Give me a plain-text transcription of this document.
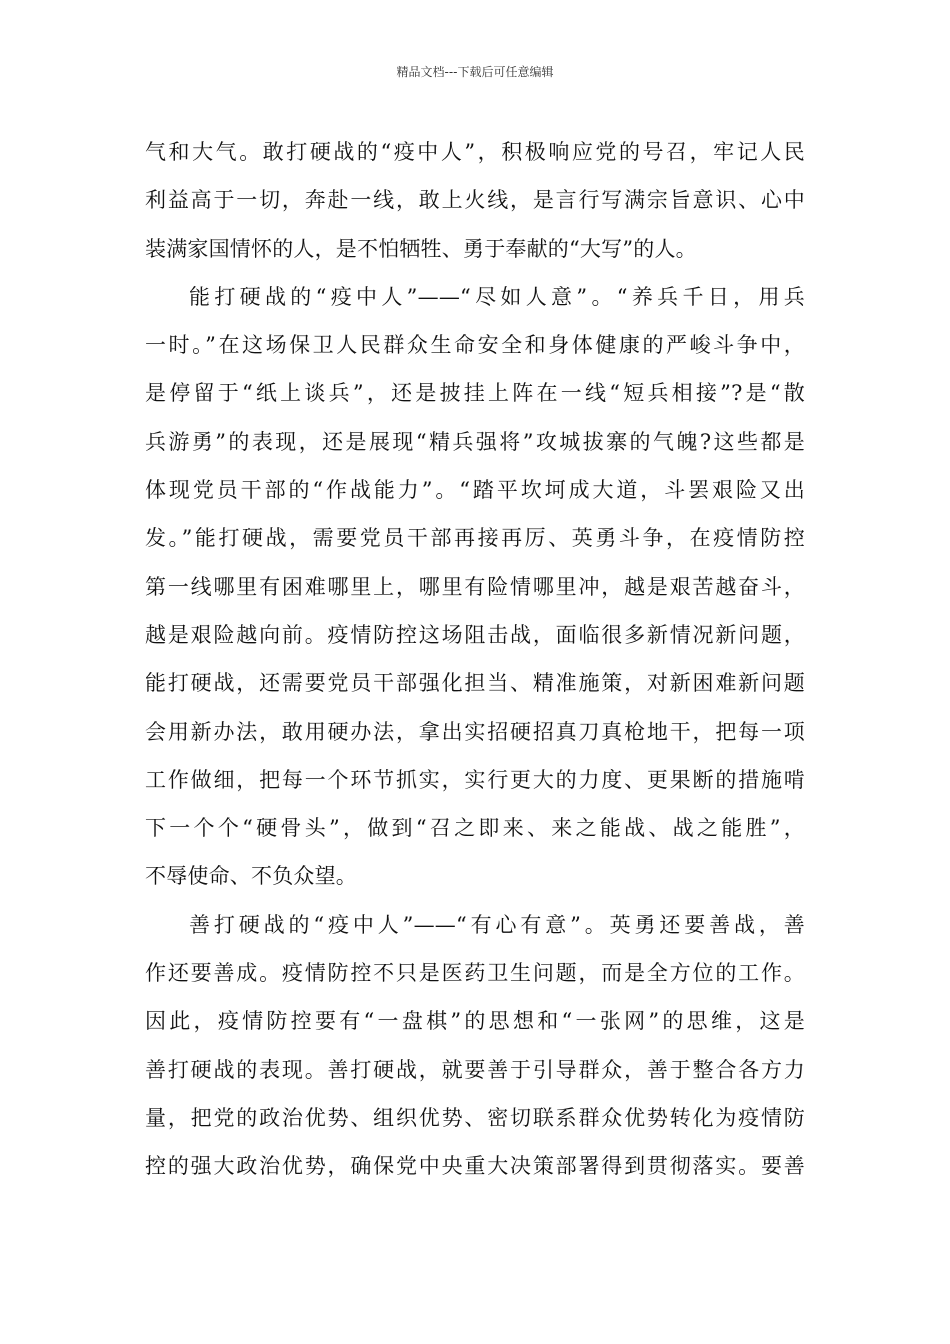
精品文档---下载后可任意编辑
气和大气。敢打硬战的“疫中人”，积极响应党的号召，牢记人民
利益高于一切，奔赴一线，敢上火线，是言行写满宗旨意识、心中
装满家国情怀的人，是不怕牺牲、勇于奉献的“大写”的人。
能打硬战的“疫中人”——“尽如人意”。“养兵千日，用兵
一时。”在这场保卫人民群众生命安全和身体健康的严峻斗争中，
是停留于“纸上谈兵”，还是披挂上阵在一线“短兵相接”?是“散
兵游勇”的表现，还是展现“精兵强将”攻城拔寨的气魄?这些都是
体现党员干部的“作战能力”。“踏平坎坷成大道，斗罢艰险又出
发。”能打硬战，需要党员干部再接再厉、英勇斗争，在疫情防控
第一线哪里有困难哪里上，哪里有险情哪里冲，越是艰苦越奋斗，
越是艰险越向前。疫情防控这场阻击战，面临很多新情况新问题，
能打硬战，还需要党员干部强化担当、精准施策，对新困难新问题
会用新办法，敢用硬办法，拿出实招硬招真刀真枪地干，把每一项
工作做细，把每一个环节抓实，实行更大的力度、更果断的措施啃
下一个个“硬骨头”，做到“召之即来、来之能战、战之能胜”，
不辱使命、不负众望。
善打硬战的“疫中人”——“有心有意”。英勇还要善战，善
作还要善成。疫情防控不只是医药卫生问题，而是全方位的工作。
因此，疫情防控要有“一盘棋”的思想和“一张网”的思维，这是
善打硬战的表现。善打硬战，就要善于引导群众，善于整合各方力
量，把党的政治优势、组织优势、密切联系群众优势转化为疫情防
控的强大政治优势，确保党中央重大决策部署得到贯彻落实。要善
